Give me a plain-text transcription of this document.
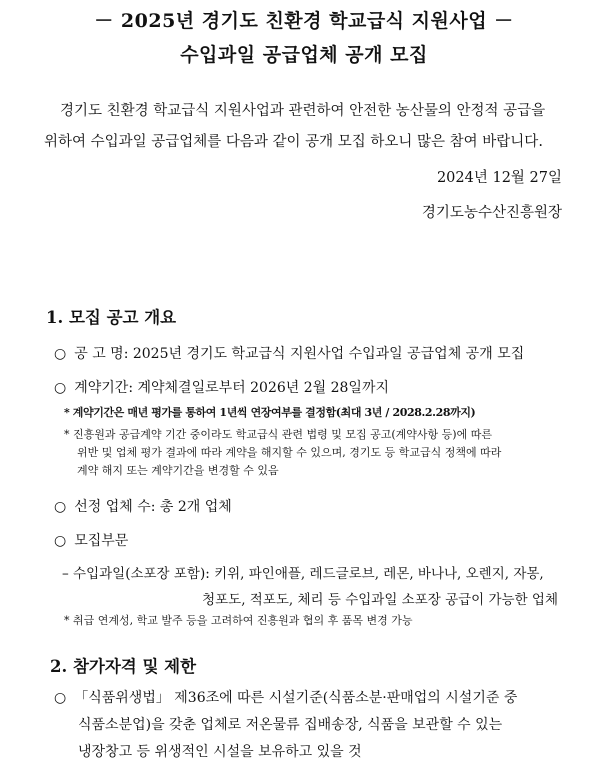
－ 2025년 경기도 친환경 학교급식 지원사업 －
수입과일 공급업체 공개 모집
경기도 친환경 학교급식 지원사업과 관련하여 안전한 농산물의 안정적 공급을
위하여 수입과일 공급업체를 다음과 같이 공개 모집 하오니 많은 참여 바랍니다.
2024년 12월 27일
경기도농수산진흥원장
1. 모집 공고 개요
○ 공 고 명: 2025년 경기도 학교급식 지원사업 수입과일 공급업체 공개 모집
○ 계약기간: 계약체결일로부터 2026년 2월 28일까지
* 계약기간은 매년 평가를 통하여 1년씩 연장여부를 결정함(최대 3년 / 2028.2.28까지)
* 진흥원과 공급계약 기간 중이라도 학교급식 관련 법령 및 모집 공고(계약사항 등)에 따른
위반 및 업체 평가 결과에 따라 계약을 해지할 수 있으며, 경기도 등 학교급식 정책에 따라
계약 해지 또는 계약기간을 변경할 수 있음
○ 선정 업체 수: 총 2개 업체
○ 모집부문
– 수입과일(소포장 포함): 키위, 파인애플, 레드글로브, 레몬, 바나나, 오렌지, 자몽,
청포도, 적포도, 체리 등 수입과일 소포장 공급이 가능한 업체
* 취급 연계성, 학교 발주 등을 고려하여 진흥원과 협의 후 품목 변경 가능
2. 참가자격 및 제한
○ 「식품위생법」 제36조에 따른 시설기준(식품소분·판매업의 시설기준 중
식품소분업)을 갖춘 업체로 저온물류 집배송장, 식품을 보관할 수 있는
냉장창고 등 위생적인 시설을 보유하고 있을 것
